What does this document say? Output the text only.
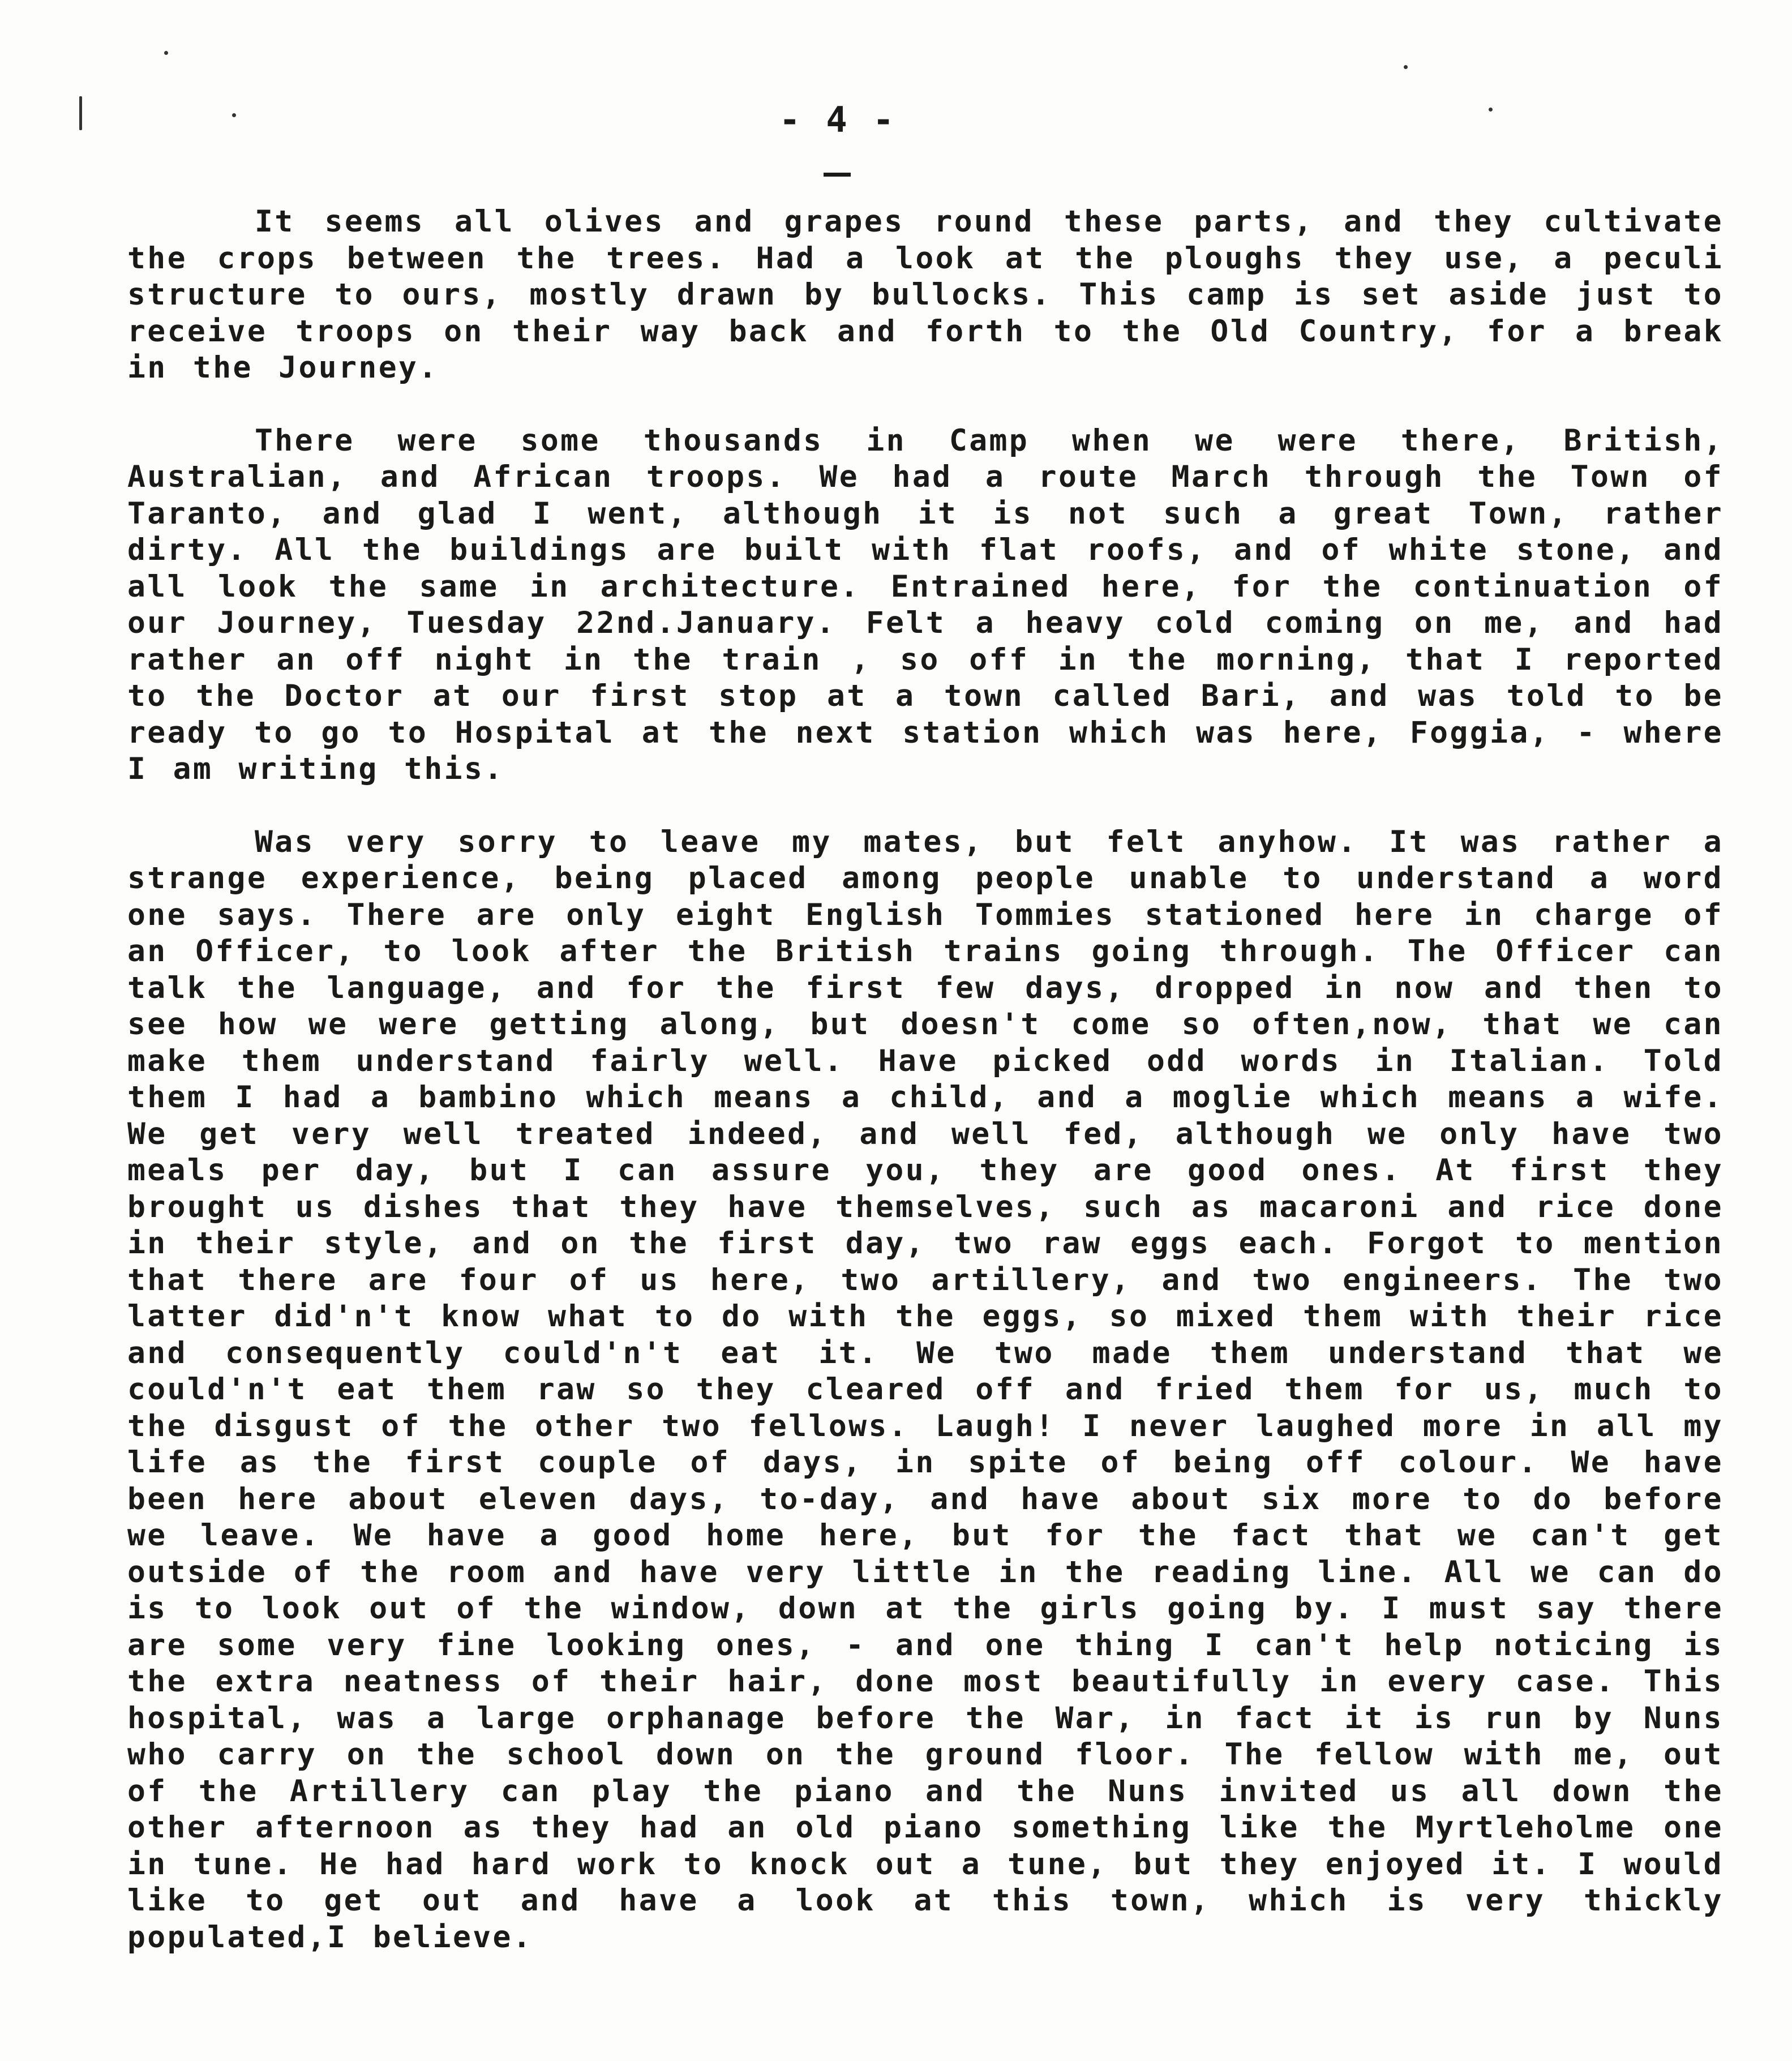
- 4 -

It seems all olives and grapes round these parts, and they cultivate the crops between the trees. Had a look at the ploughs they use, a peculi structure to ours, mostly drawn by bullocks. This camp is set aside just to receive troops on their way back and forth to the Old Country, for a break in the Journey.

There were some thousands in Camp when we were there, British, Australian, and African troops. We had a route March through the Town of Taranto, and glad I went, although it is not such a great Town, rather dirty. All the buildings are built with flat roofs, and of white stone, and all look the same in architecture. Entrained here, for the continuation of our Journey, Tuesday 22nd.January. Felt a heavy cold coming on me, and had rather an off night in the train , so off in the morning, that I reported to the Doctor at our first stop at a town called Bari, and was told to be ready to go to Hospital at the next station which was here, Foggia, - where I am writing this.

Was very sorry to leave my mates, but felt anyhow. It was rather a strange experience, being placed among people unable to understand a word one says. There are only eight English Tommies stationed here in charge of an Officer, to look after the British trains going through. The Officer can talk the language, and for the first few days, dropped in now and then to see how we were getting along, but doesn't come so often,now, that we can make them understand fairly well. Have picked odd words in Italian. Told them I had a bambino which means a child, and a moglie which means a wife. We get very well treated indeed, and well fed, although we only have two meals per day, but I can assure you, they are good ones. At first they brought us dishes that they have themselves, such as macaroni and rice done in their style, and on the first day, two raw eggs each. Forgot to mention that there are four of us here, two artillery, and two engineers. The two latter did'n't know what to do with the eggs, so mixed them with their rice and consequently could'n't eat it. We two made them understand that we could'n't eat them raw so they cleared off and fried them for us, much to the disgust of the other two fellows. Laugh! I never laughed more in all my life as the first couple of days, in spite of being off colour. We have been here about eleven days, to-day, and have about six more to do before we leave. We have a good home here, but for the fact that we can't get outside of the room and have very little in the reading line. All we can do is to look out of the window, down at the girls going by. I must say there are some very fine looking ones, - and one thing I can't help noticing is the extra neatness of their hair, done most beautifully in every case. This hospital, was a large orphanage before the War, in fact it is run by Nuns who carry on the school down on the ground floor. The fellow with me, out of the Artillery can play the piano and the Nuns invited us all down the other afternoon as they had an old piano something like the Myrtleholme one in tune. He had hard work to knock out a tune, but they enjoyed it. I would like to get out and have a look at this town, which is very thickly populated,I believe.
